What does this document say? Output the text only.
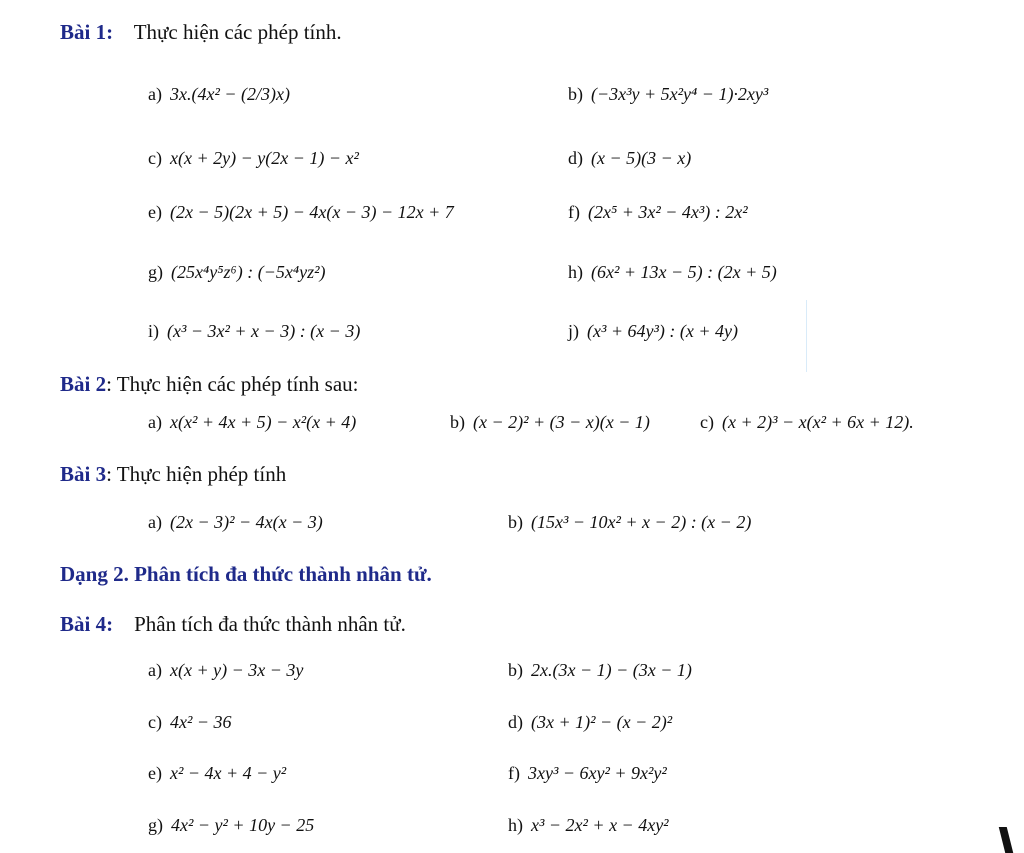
Bài 1: Thực hiện các phép tính.
a) 3x.(4x² − (2/3)x)	b) (−3x³y + 5x²y⁴ − 1)·2xy³
c) x(x + 2y) − y(2x − 1) − x²	d) (x − 5)(3 − x)
e) (2x − 5)(2x + 5) − 4x(x − 3) − 12x + 7	f) (2x⁵ + 3x² − 4x³) : 2x²
g) (25x⁴y⁵z⁶) : (−5x⁴yz²)	h) (6x² + 13x − 5) : (2x + 5)
i) (x³ − 3x² + x − 3) : (x − 3)	j) (x³ + 64y³) : (x + 4y)
Bài 2: Thực hiện các phép tính sau:
a) x(x² + 4x + 5) − x²(x + 4)	b) (x − 2)² + (3 − x)(x − 1)	c) (x + 2)³ − x(x² + 6x + 12).
Bài 3: Thực hiện phép tính
a) (2x − 3)² − 4x(x − 3)	b) (15x³ − 10x² + x − 2) : (x − 2)
Dạng 2. Phân tích đa thức thành nhân tử.
Bài 4: Phân tích đa thức thành nhân tử.
a) x(x + y) − 3x − 3y	b) 2x.(3x − 1) − (3x − 1)
c) 4x² − 36	d) (3x + 1)² − (x − 2)²
e) x² − 4x + 4 − y²	f) 3xy³ − 6xy² + 9x²y²
g) 4x² − y² + 10y − 25	h) x³ − 2x² + x − 4xy²
